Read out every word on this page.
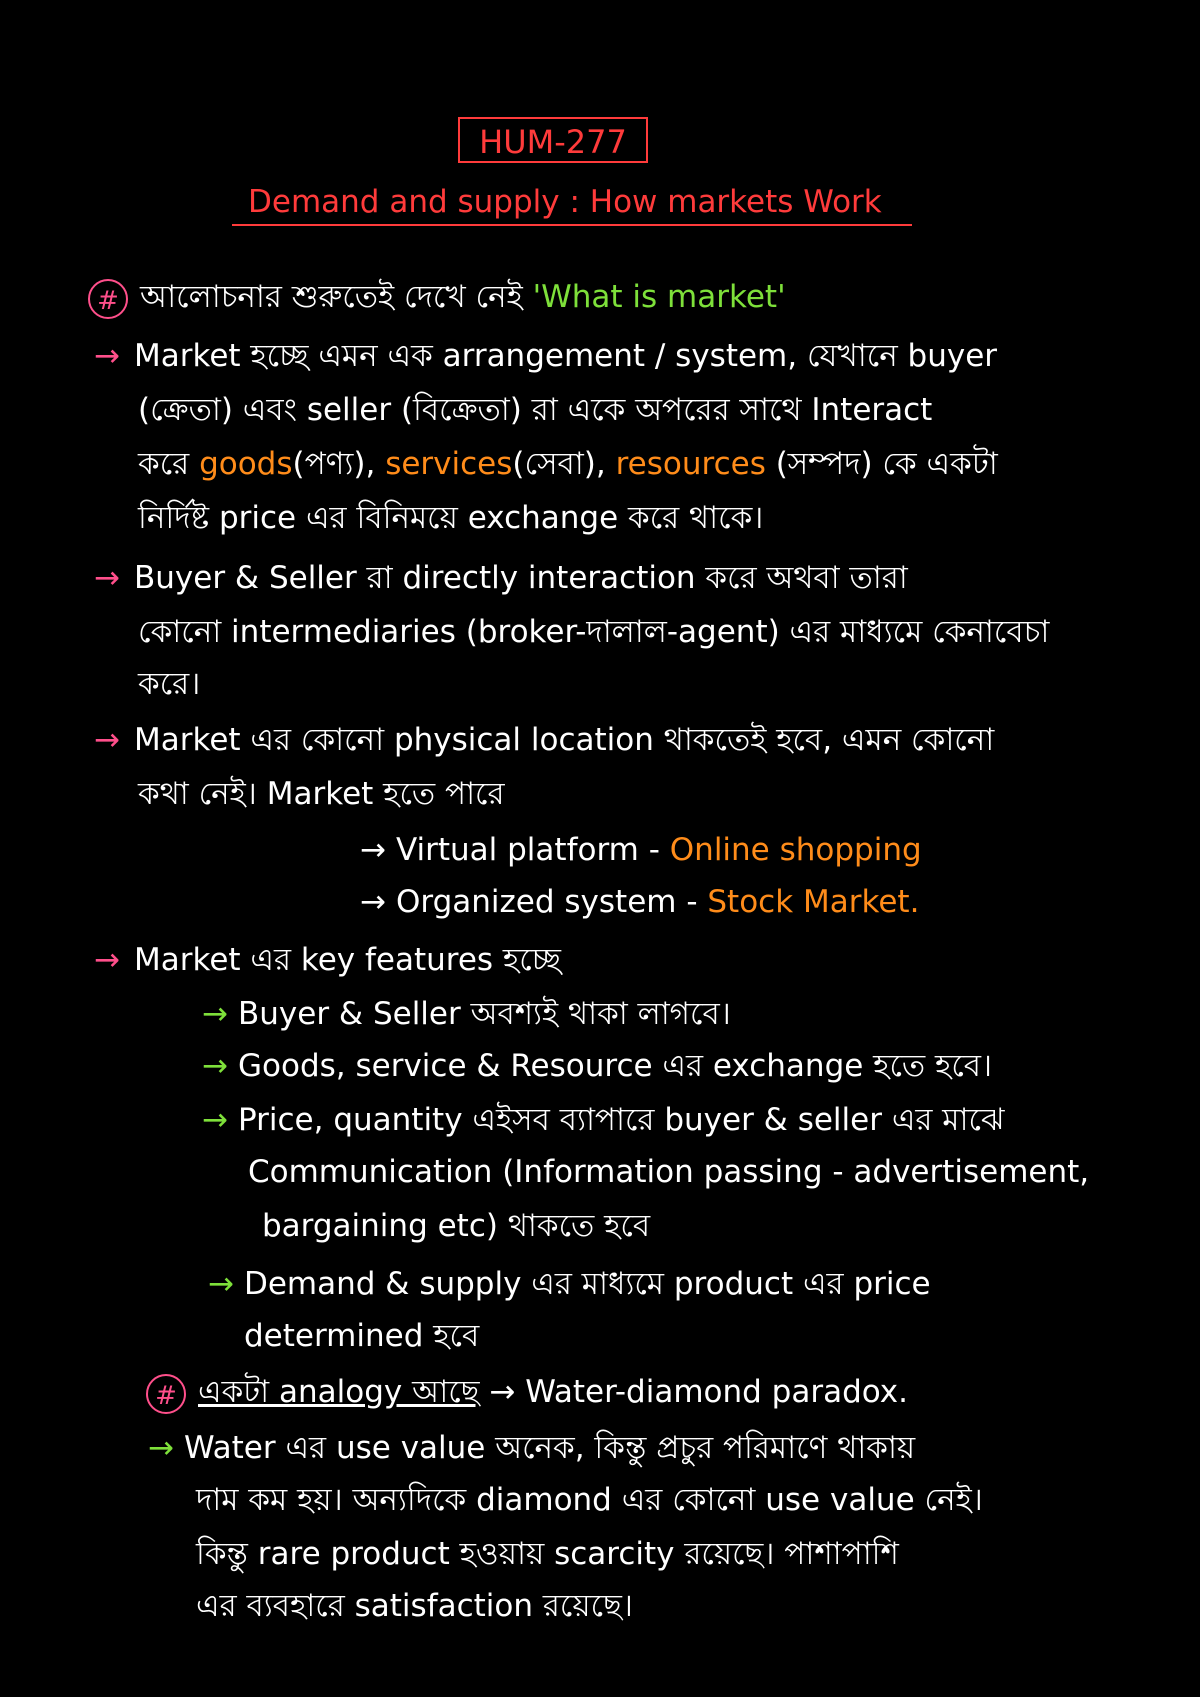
HUM-277
Demand and supply : How markets Work
# আলোচনার শুরুতেই দেখে নেই 'What is market'
→ Market হচ্ছে এমন এক arrangement / system, যেখানে buyer
(ক্রেতা) এবং seller (বিক্রেতা) রা একে অপরের সাথে Interact
করে goods(পণ্য), services(সেবা), resources (সম্পদ) কে একটা
নির্দিষ্ট price এর বিনিময়ে exchange করে থাকে।
→ Buyer & Seller রা directly interaction করে অথবা তারা
কোনো intermediaries (broker-দালাল-agent) এর মাধ্যমে কেনাবেচা
করে।
→ Market এর কোনো physical location থাকতেই হবে, এমন কোনো
কথা নেই। Market হতে পারে
→ Virtual platform - Online shopping
→ Organized system - Stock Market.
→ Market এর key features হচ্ছে
→ Buyer & Seller অবশ্যই থাকা লাগবে।
→ Goods, service & Resource এর exchange হতে হবে।
→ Price, quantity এইসব ব্যাপারে buyer & seller এর মাঝে
Communication (Information passing - advertisement,
bargaining etc) থাকতে হবে
→ Demand & supply এর মাধ্যমে product এর price
determined হবে
# একটা analogy আছে → Water-diamond paradox.
→ Water এর use value অনেক, কিন্তু প্রচুর পরিমাণে থাকায়
দাম কম হয়। অন্যদিকে diamond এর কোনো use value নেই।
কিন্তু rare product হওয়ায় scarcity রয়েছে। পাশাপাশি
এর ব্যবহারে satisfaction রয়েছে।
